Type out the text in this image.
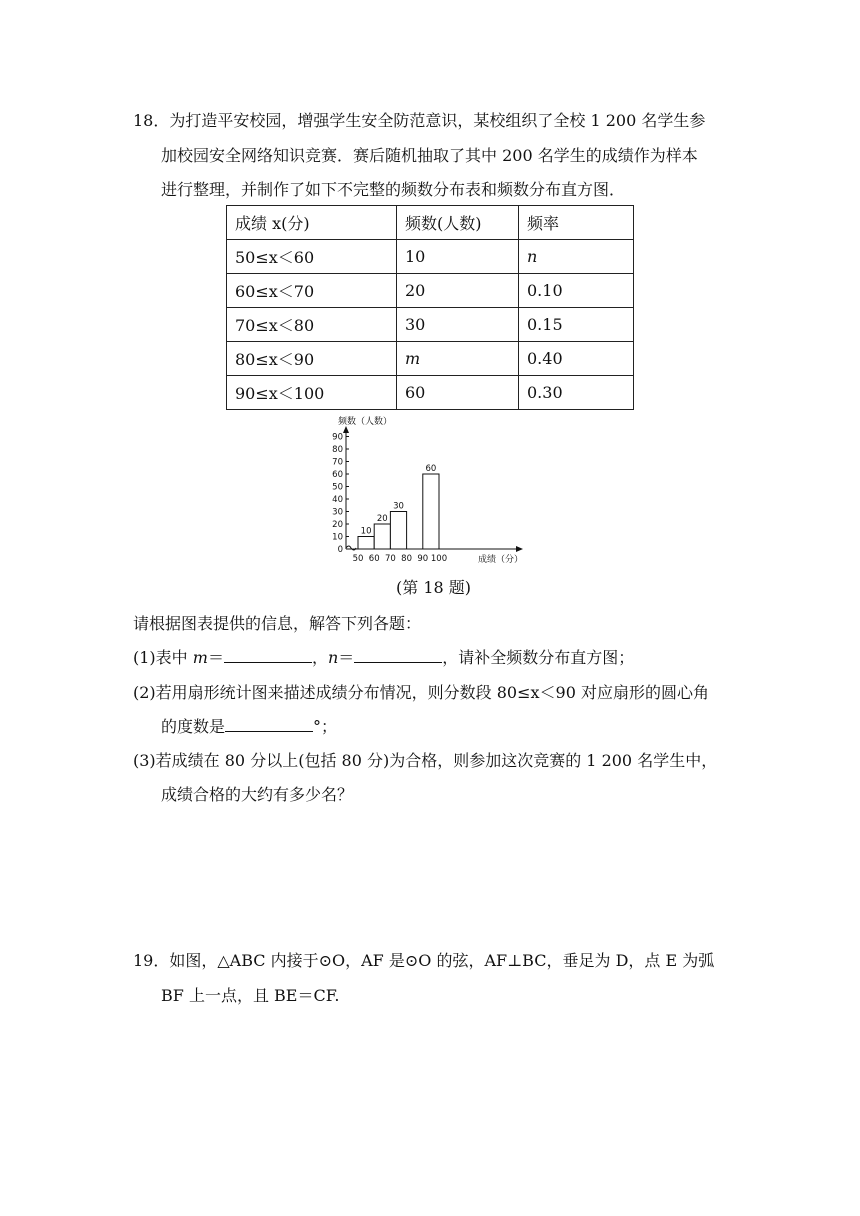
18．为打造平安校园，增强学生安全防范意识，某校组织了全校 1 200 名学生参
加校园安全网络知识竞赛．赛后随机抽取了其中 200 名学生的成绩作为样本
进行整理，并制作了如下不完整的频数分布表和频数分布直方图．
成绩 x(分)	频数(人数)	频率
50≤x＜60	10	n
60≤x＜70	20	0.10
70≤x＜80	30	0.15
80≤x＜90	m	0.40
90≤x＜100	60	0.30
0
10
20
30
40
50
60
70
80
90
50 60 70 80 90 100
频数（人数）
成绩（分）
10
20
30
60
(第 18 题)
请根据图表提供的信息，解答下列各题：
(1)表中 m＝	，n＝	，请补全频数分布直方图；
(2)若用扇形统计图来描述成绩分布情况，则分数段 80≤x＜90 对应扇形的圆心角
的度数是	°；
(3)若成绩在 80 分以上(包括 80 分)为合格，则参加这次竞赛的 1 200 名学生中，
成绩合格的大约有多少名？
19．如图，△ABC 内接于⊙O，AF 是⊙O 的弦，AF⊥BC，垂足为 D，点 E 为弧
BF 上一点，且 BE＝CF.
